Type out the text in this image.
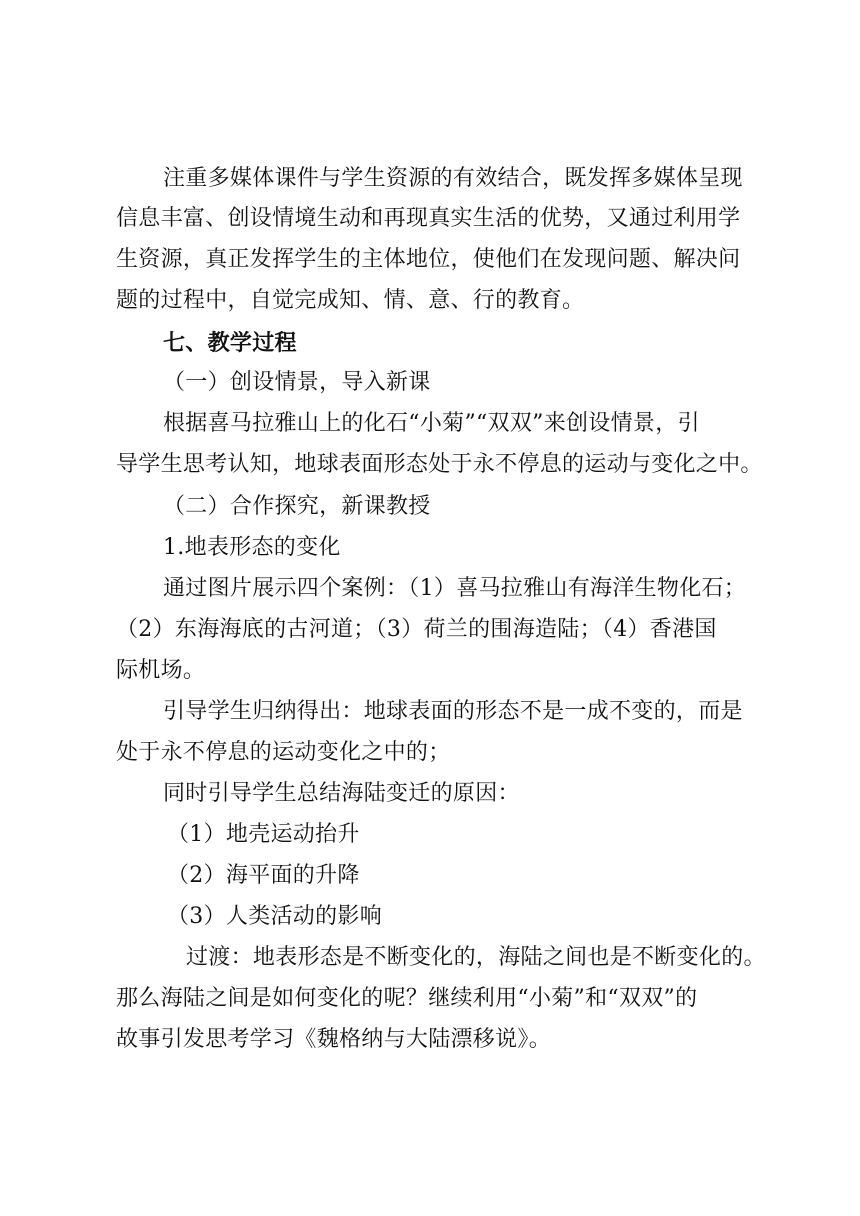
注重多媒体课件与学生资源的有效结合，既发挥多媒体呈现
信息丰富、创设情境生动和再现真实生活的优势，又通过利用学
生资源，真正发挥学生的主体地位，使他们在发现问题、解决问
题的过程中，自觉完成知、情、意、行的教育。
七、教学过程
（一）创设情景，导入新课
根据喜马拉雅山上的化石“小菊”“双双”来创设情景，引
导学生思考认知，地球表面形态处于永不停息的运动与变化之中。
（二）合作探究，新课教授
1.地表形态的变化
通过图片展示四个案例：（1）喜马拉雅山有海洋生物化石；
（2）东海海底的古河道；（3）荷兰的围海造陆；（4）香港国
际机场。
引导学生归纳得出：地球表面的形态不是一成不变的，而是
处于永不停息的运动变化之中的；
同时引导学生总结海陆变迁的原因：
（1）地壳运动抬升
（2）海平面的升降
（3）人类活动的影响
过渡：地表形态是不断变化的，海陆之间也是不断变化的。
那么海陆之间是如何变化的呢？继续利用“小菊”和“双双”的
故事引发思考学习《魏格纳与大陆漂移说》。
